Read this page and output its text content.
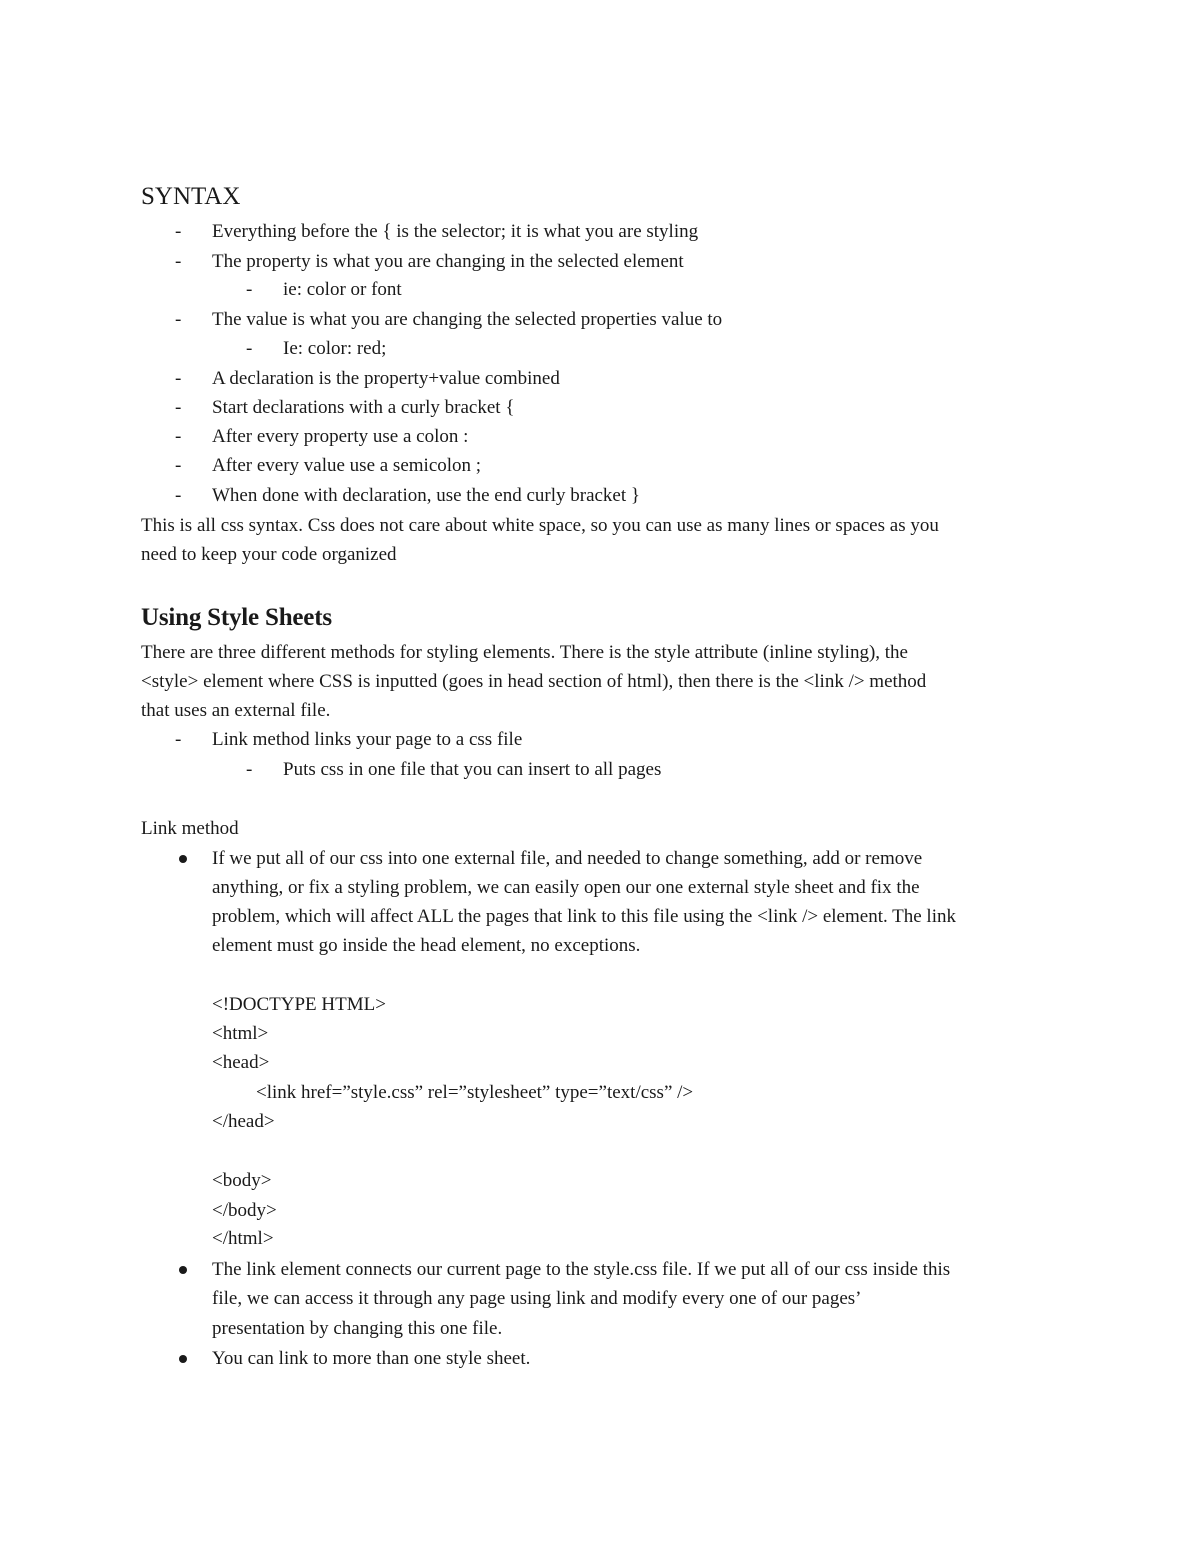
SYNTAX
- Everything before the { is the selector; it is what you are styling
- The property is what you are changing in the selected element
- ie: color or font
- The value is what you are changing the selected properties value to
- Ie: color: red;
- A declaration is the property+value combined
- Start declarations with a curly bracket {
- After every property use a colon :
- After every value use a semicolon ;
- When done with declaration, use the end curly bracket }
This is all css syntax. Css does not care about white space, so you can use as many lines or spaces as you
need to keep your code organized
Using Style Sheets
There are three different methods for styling elements. There is the style attribute (inline styling), the
<style> element where CSS is inputted (goes in head section of html), then there is the <link /> method
that uses an external file.
- Link method links your page to a css file
- Puts css in one file that you can insert to all pages
Link method
If we put all of our css into one external file, and needed to change something, add or remove
anything, or fix a styling problem, we can easily open our one external style sheet and fix the
problem, which will affect ALL the pages that link to this file using the <link /> element. The link
element must go inside the head element, no exceptions.
<!DOCTYPE HTML>
<html>
<head>
<link href=”style.css” rel=”stylesheet” type=”text/css” />
</head>
<body>
</body>
</html>
The link element connects our current page to the style.css file. If we put all of our css inside this
file, we can access it through any page using link and modify every one of our pages’
presentation by changing this one file.
You can link to more than one style sheet.
